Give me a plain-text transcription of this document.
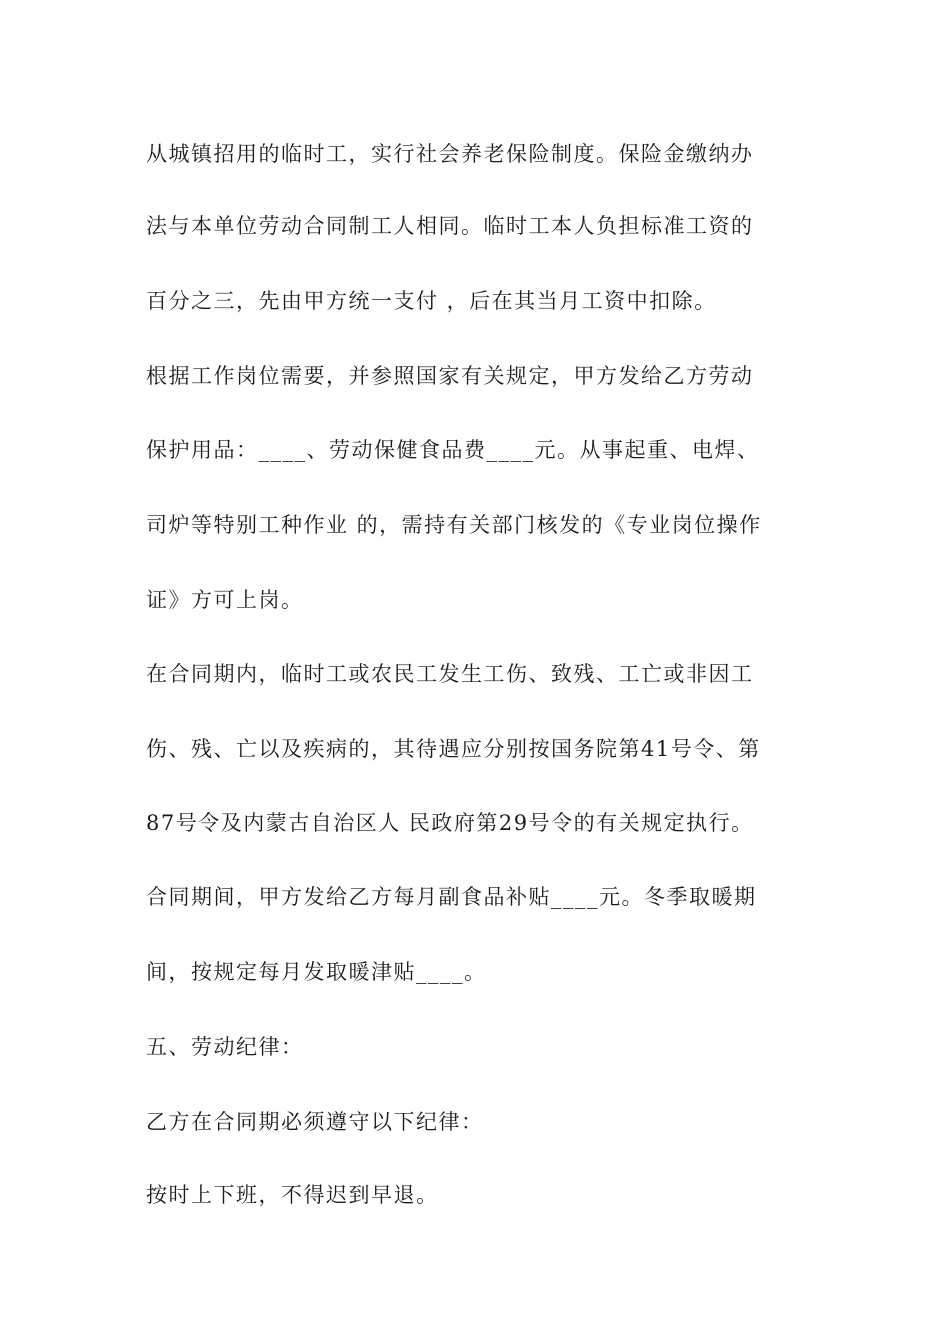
从城镇招用的临时工，实行社会养老保险制度。保险金缴纳办
法与本单位劳动合同制工人相同。临时工本人负担标准工资的
百分之三，先由甲方统一支付 ，后在其当月工资中扣除。
根据工作岗位需要，并参照国家有关规定，甲方发给乙方劳动
保护用品：____、劳动保健食品费____元。从事起重、电焊、
司炉等特别工种作业 的，需持有关部门核发的《专业岗位操作
证》方可上岗。
在合同期内，临时工或农民工发生工伤、致残、工亡或非因工
伤、残、亡以及疾病的，其待遇应分别按国务院第41号令、第
87号令及内蒙古自治区人 民政府第29号令的有关规定执行。
合同期间，甲方发给乙方每月副食品补贴____元。冬季取暖期
间，按规定每月发取暖津贴____。
五、劳动纪律：
乙方在合同期必须遵守以下纪律：
按时上下班，不得迟到早退。
